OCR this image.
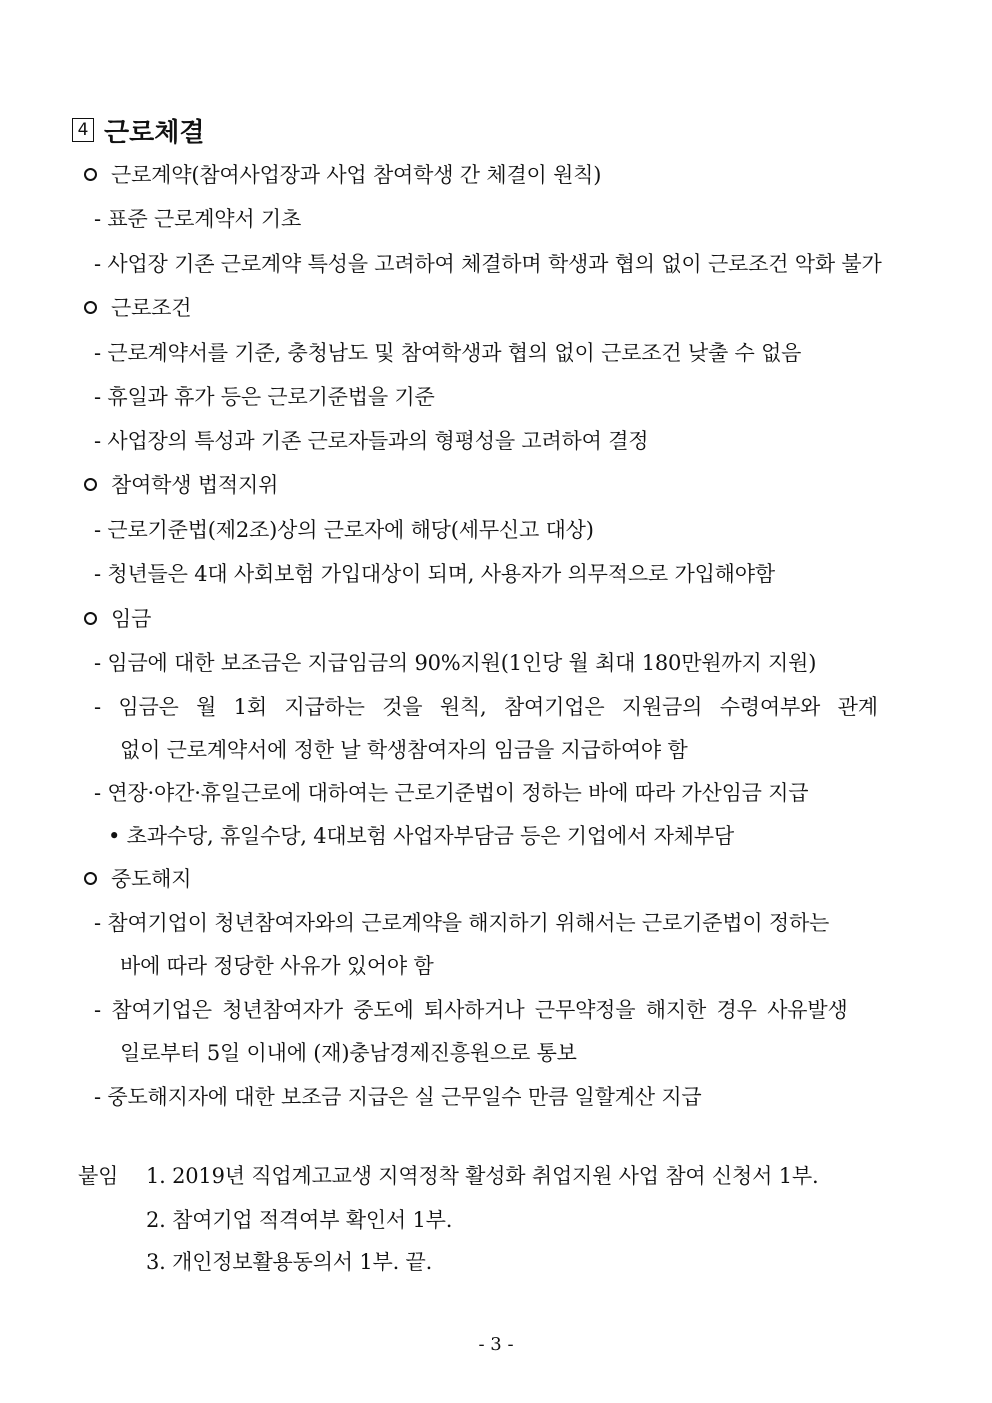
4 근로체결
근로계약(참여사업장과 사업 참여학생 간 체결이 원칙)
- 표준 근로계약서 기초
- 사업장 기존 근로계약 특성을 고려하여 체결하며 학생과 협의 없이 근로조건 악화 불가
근로조건
- 근로계약서를 기준, 충청남도 및 참여학생과 협의 없이 근로조건 낮출 수 없음
- 휴일과 휴가 등은 근로기준법을 기준
- 사업장의 특성과 기존 근로자들과의 형평성을 고려하여 결정
참여학생 법적지위
- 근로기준법(제2조)상의 근로자에 해당(세무신고 대상)
- 청년들은 4대 사회보험 가입대상이 되며, 사용자가 의무적으로 가입해야함
임금
- 임금에 대한 보조금은 지급임금의 90%지원(1인당 월 최대 180만원까지 지원)
- 임금은 월 1회 지급하는 것을 원칙, 참여기업은 지원금의 수령여부와 관계
없이 근로계약서에 정한 날 학생참여자의 임금을 지급하여야 함
- 연장·야간·휴일근로에 대하여는 근로기준법이 정하는 바에 따라 가산임금 지급
• 초과수당, 휴일수당, 4대보험 사업자부담금 등은 기업에서 자체부담
중도해지
- 참여기업이 청년참여자와의 근로계약을 해지하기 위해서는 근로기준법이 정하는
바에 따라 정당한 사유가 있어야 함
- 참여기업은 청년참여자가 중도에 퇴사하거나 근무약정을 해지한 경우 사유발생
일로부터 5일 이내에 (재)충남경제진흥원으로 통보
- 중도해지자에 대한 보조금 지급은 실 근무일수 만큼 일할계산 지급
붙임 1. 2019년 직업계고교생 지역정착 활성화 취업지원 사업 참여 신청서 1부.
2. 참여기업 적격여부 확인서 1부.
3. 개인정보활용동의서 1부. 끝.
- 3 -
